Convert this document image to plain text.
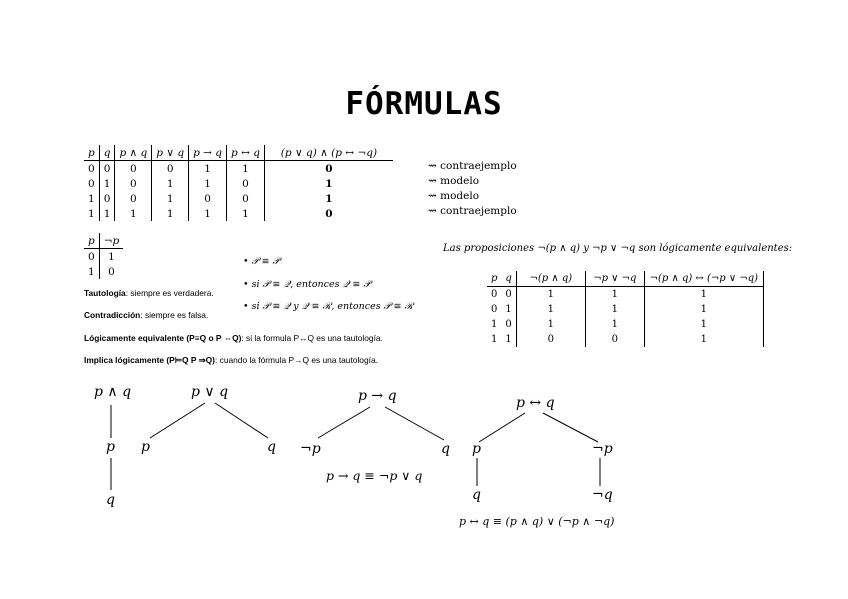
FÓRMULAS
p	q	p ∧ q	p ∨ q	p → q	p ↔ q	(p ∨ q) ∧ (p ↔ ¬q)
0	0	0	0	1	1	0
0	1	0	1	1	0	1
1	0	0	1	0	0	1
1	1	1	1	1	1	0
⇝ contraejemplo
⇝ modelo
⇝ modelo
⇝ contraejemplo
p	¬p
0	1
1	0
• 𝒫 ≡ 𝒫
• si 𝒫 ≡ 𝒬, entonces 𝒬 ≡ 𝒫
• si 𝒫 ≡ 𝒬 y 𝒬 ≡ ℛ, entonces 𝒫 ≡ ℛ
Tautología: siempre es verdadera.
Contradicción: siempre es falsa.
Lógicamente equivalente (P≡Q o P ⇔Q): si la formula P↔Q es una tautología.
Implica lógicamente (P⊨Q P ⇒Q): cuando la fórmula P→Q es una tautología.
Las proposiciones ¬(p ∧ q) y ¬p ∨ ¬q son lógicamente equivalentes:
p	q	¬(p ∧ q)	¬p ∨ ¬q	¬(p ∧ q) ↔ (¬p ∨ ¬q)
0	0	1	1	1
0	1	1	1	1
1	0	1	1	1
1	1	0	0	1
p ∧ q
p
q
p ∨ q
p	q
p → q
¬p	q
p → q ≡ ¬p ∨ q
p ↔ q
p	¬p
q	¬q
p ↔ q ≡ (p ∧ q) ∨ (¬p ∧ ¬q)
